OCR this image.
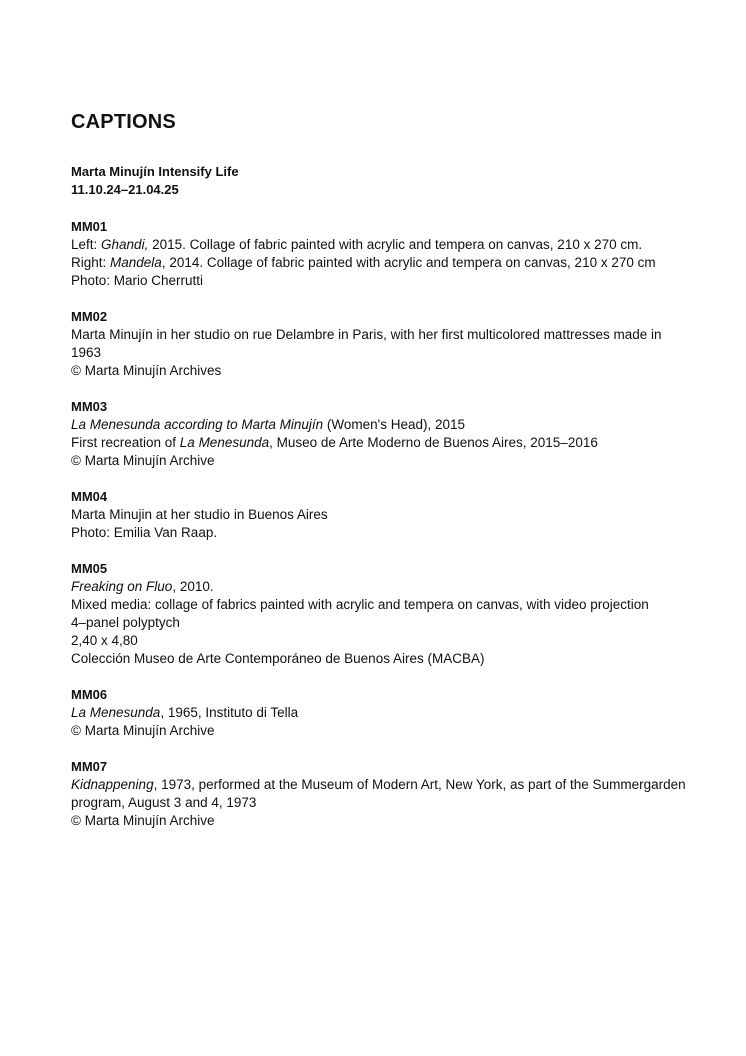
CAPTIONS
Marta Minujín Intensify Life
11.10.24–21.04.25
MM01
Left: Ghandi, 2015. Collage of fabric painted with acrylic and tempera on canvas, 210 x 270 cm.
Right: Mandela, 2014. Collage of fabric painted with acrylic and tempera on canvas, 210 x 270 cm
Photo: Mario Cherrutti
MM02
Marta Minujín in her studio on rue Delambre in Paris, with her first multicolored mattresses made in 1963
© Marta Minujín Archives
MM03
La Menesunda according to Marta Minujín (Women's Head), 2015
First recreation of La Menesunda, Museo de Arte Moderno de Buenos Aires, 2015–2016
© Marta Minujín Archive
MM04
Marta Minujin at her studio in Buenos Aires
Photo: Emilia Van Raap.
MM05
Freaking on Fluo, 2010.
Mixed media: collage of fabrics painted with acrylic and tempera on canvas, with video projection
4–panel polyptych
2,40 x 4,80
Colección Museo de Arte Contemporáneo de Buenos Aires (MACBA)
MM06
La Menesunda, 1965, Instituto di Tella
© Marta Minujín Archive
MM07
Kidnappening, 1973, performed at the Museum of Modern Art, New York, as part of the Summergarden program, August 3 and 4, 1973
© Marta Minujín Archive
